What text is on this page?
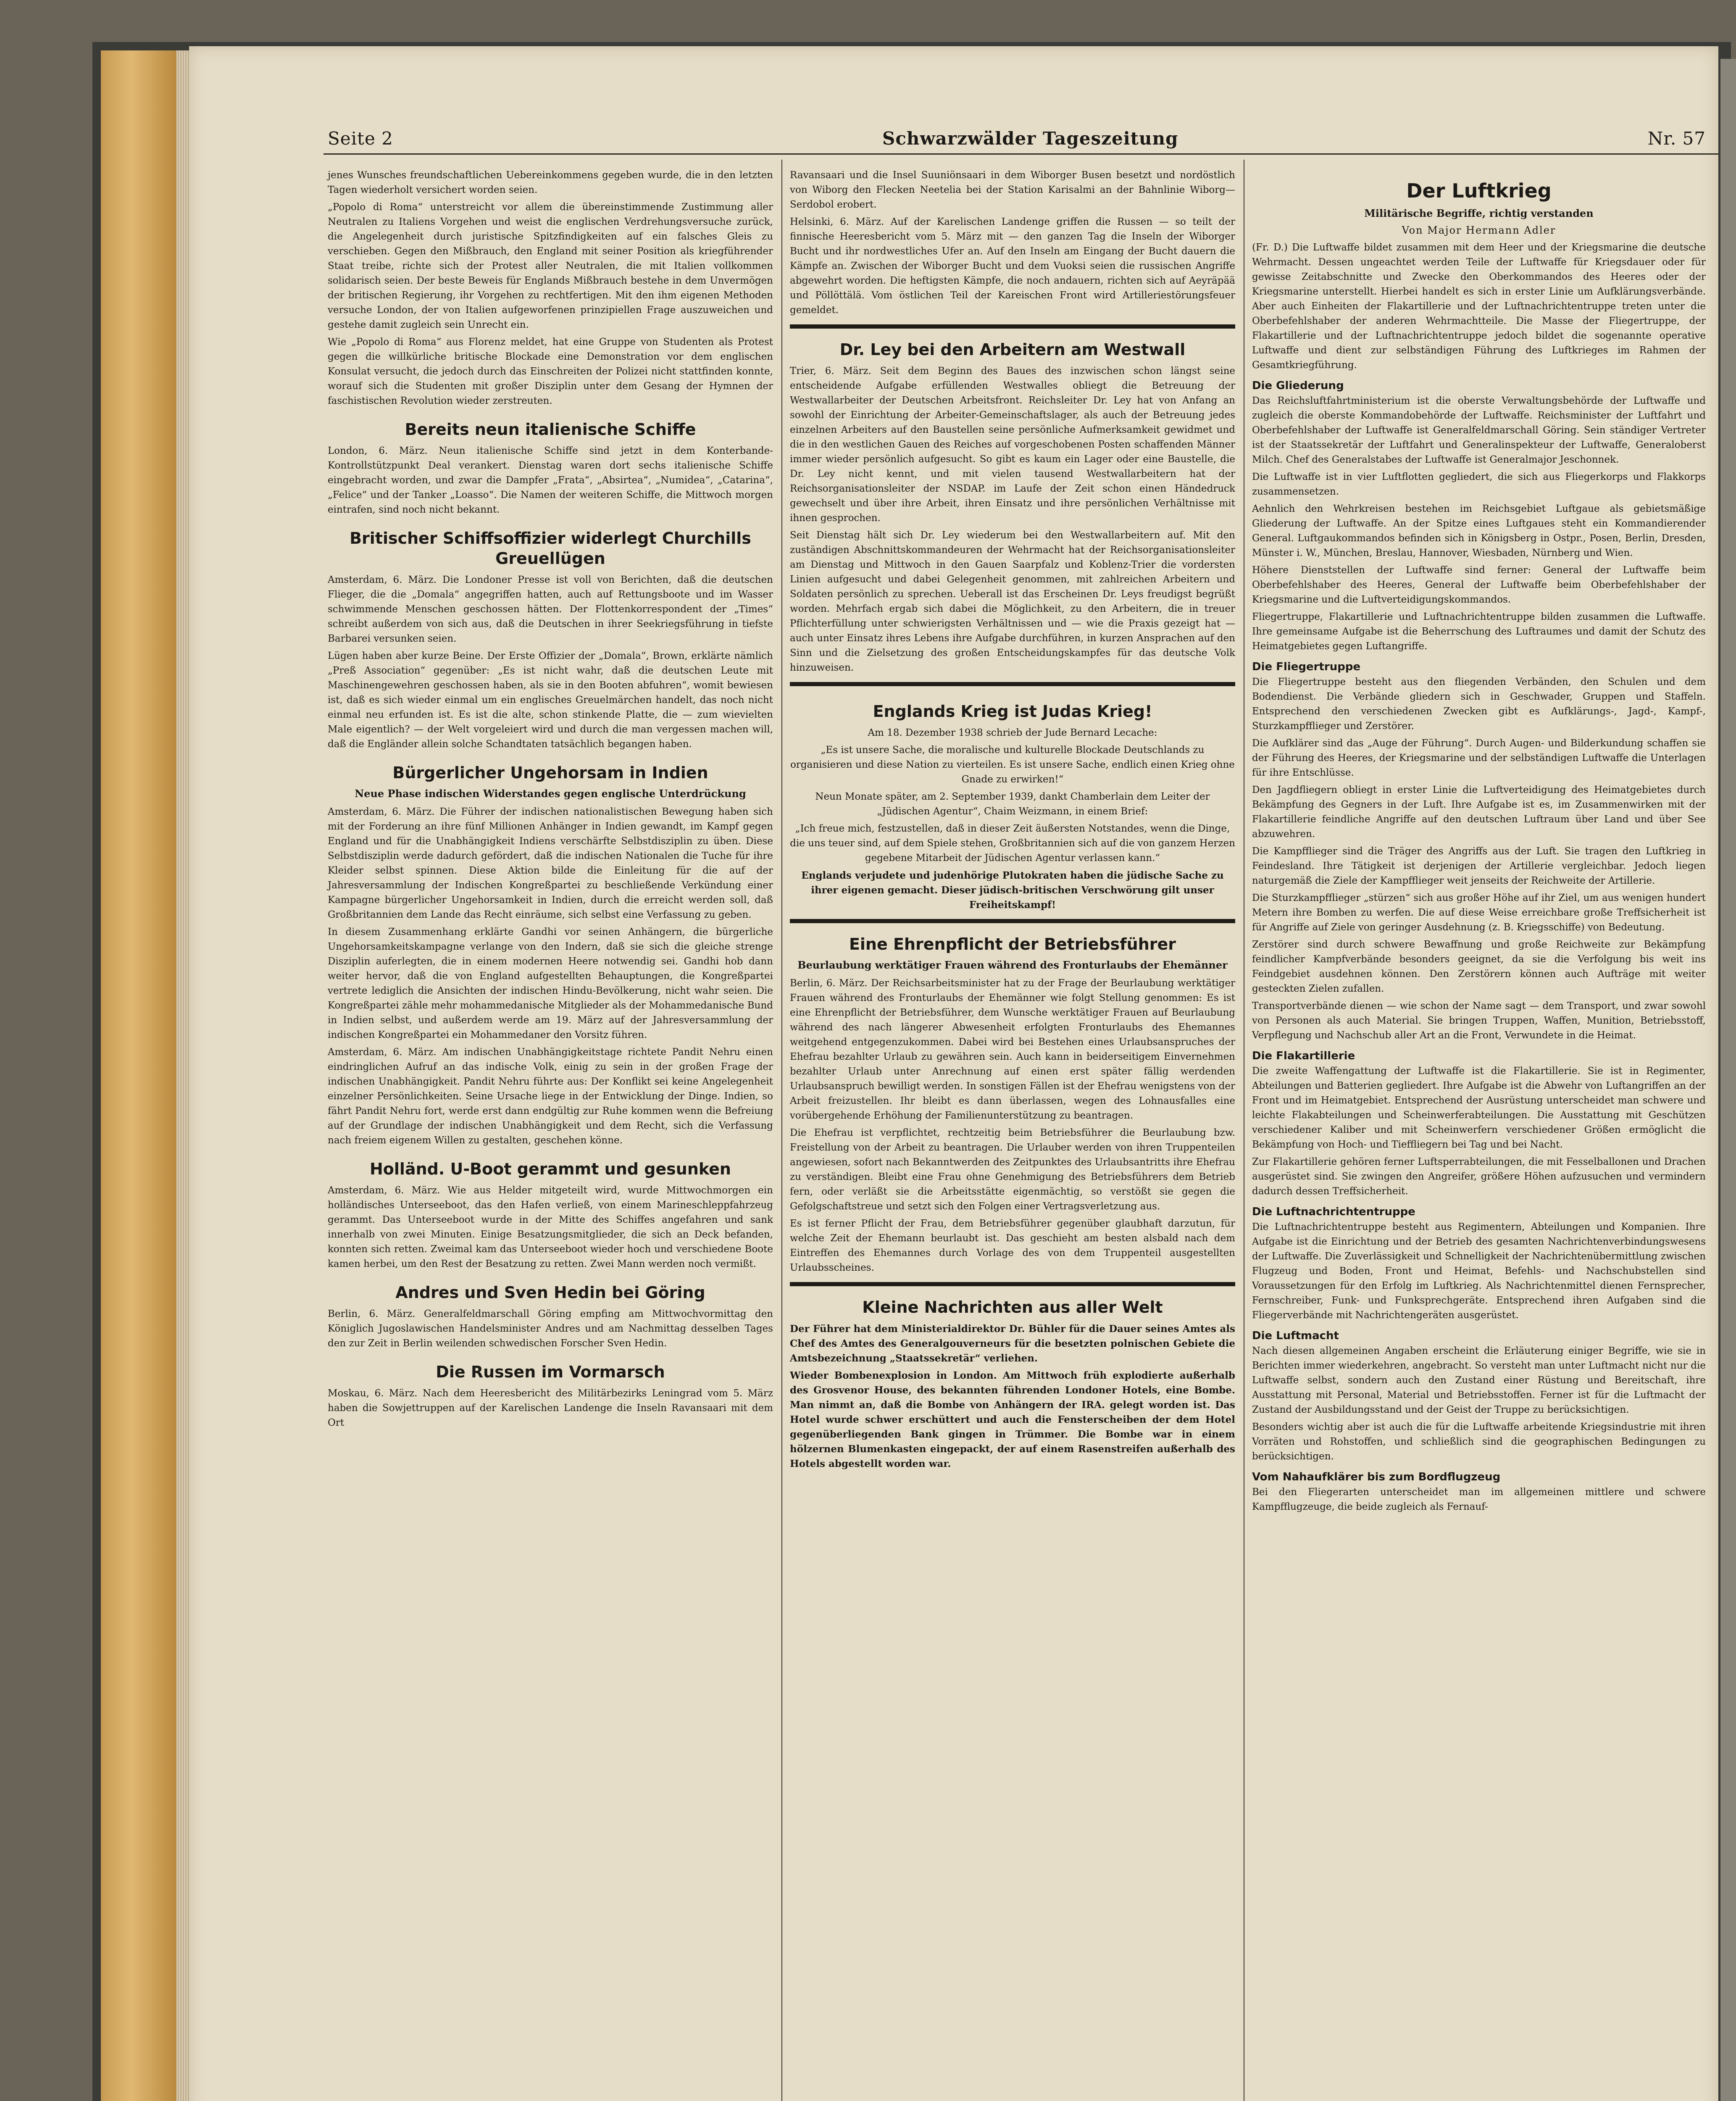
Seite 2	Schwarzwälder Tageszeitung	Nr. 57
jenes Wunsches freundschaftlichen Uebereinkommens gegeben wurde, die in den letzten Tagen wiederholt versichert worden seien.
„Popolo di Roma“ unterstreicht vor allem die übereinstimmende Zustimmung aller Neutralen zu Italiens Vorgehen und weist die englischen Verdrehungsversuche zurück, die Angelegenheit durch juristische Spitzfindigkeiten auf ein falsches Gleis zu verschieben. Gegen den Mißbrauch, den England mit seiner Position als kriegführender Staat treibe, richte sich der Protest aller Neutralen, die mit Italien vollkommen solidarisch seien. Der beste Beweis für Englands Mißbrauch bestehe in dem Unvermögen der britischen Regierung, ihr Vorgehen zu rechtfertigen. Mit den ihm eigenen Methoden versuche London, der von Italien aufgeworfenen prinzipiellen Frage auszuweichen und gestehe damit zugleich sein Unrecht ein.
Wie „Popolo di Roma“ aus Florenz meldet, hat eine Gruppe von Studenten als Protest gegen die willkürliche britische Blockade eine Demonstration vor dem englischen Konsulat versucht, die jedoch durch das Einschreiten der Polizei nicht stattfinden konnte, worauf sich die Studenten mit großer Disziplin unter dem Gesang der Hymnen der faschistischen Revolution wieder zerstreuten.
Bereits neun italienische Schiffe
London, 6. März. Neun italienische Schiffe sind jetzt in dem Konterbande-Kontrollstützpunkt Deal verankert. Dienstag waren dort sechs italienische Schiffe eingebracht worden, und zwar die Dampfer „Frata“, „Absirtea“, „Numidea“, „Catarina“, „Felice“ und der Tanker „Loasso“. Die Namen der weiteren Schiffe, die Mittwoch morgen eintrafen, sind noch nicht bekannt.
Britischer Schiffsoffizier widerlegt Churchills Greuellügen
Amsterdam, 6. März. Die Londoner Presse ist voll von Berichten, daß die deutschen Flieger, die die „Domala“ angegriffen hatten, auch auf Rettungsboote und im Wasser schwimmende Menschen geschossen hätten. Der Flottenkorrespondent der „Times“ schreibt außerdem von sich aus, daß die Deutschen in ihrer Seekriegsführung in tiefste Barbarei versunken seien.
Lügen haben aber kurze Beine. Der Erste Offizier der „Domala“, Brown, erklärte nämlich „Preß Association“ gegenüber: „Es ist nicht wahr, daß die deutschen Leute mit Maschinengewehren geschossen haben, als sie in den Booten abfuhren“, womit bewiesen ist, daß es sich wieder einmal um ein englisches Greuelmärchen handelt, das noch nicht einmal neu erfunden ist. Es ist die alte, schon stinkende Platte, die — zum wievielten Male eigentlich? — der Welt vorgeleiert wird und durch die man vergessen machen will, daß die Engländer allein solche Schandtaten tatsächlich begangen haben.
Bürgerlicher Ungehorsam in Indien
Neue Phase indischen Widerstandes gegen englische Unterdrückung
Amsterdam, 6. März. Die Führer der indischen nationalistischen Bewegung haben sich mit der Forderung an ihre fünf Millionen Anhänger in Indien gewandt, im Kampf gegen England und für die Unabhängigkeit Indiens verschärfte Selbstdisziplin zu üben. Diese Selbstdisziplin werde dadurch gefördert, daß die indischen Nationalen die Tuche für ihre Kleider selbst spinnen. Diese Aktion bilde die Einleitung für die auf der Jahresversammlung der Indischen Kongreßpartei zu beschließende Verkündung einer Kampagne bürgerlicher Ungehorsamkeit in Indien, durch die erreicht werden soll, daß Großbritannien dem Lande das Recht einräume, sich selbst eine Verfassung zu geben.
In diesem Zusammenhang erklärte Gandhi vor seinen Anhängern, die bürgerliche Ungehorsamkeitskampagne verlange von den Indern, daß sie sich die gleiche strenge Disziplin auferlegten, die in einem modernen Heere notwendig sei. Gandhi hob dann weiter hervor, daß die von England aufgestellten Behauptungen, die Kongreßpartei vertrete lediglich die Ansichten der indischen Hindu-Bevölkerung, nicht wahr seien. Die Kongreßpartei zähle mehr mohammedanische Mitglieder als der Mohammedanische Bund in Indien selbst, und außerdem werde am 19. März auf der Jahresversammlung der indischen Kongreßpartei ein Mohammedaner den Vorsitz führen.
Amsterdam, 6. März. Am indischen Unabhängigkeitstage richtete Pandit Nehru einen eindringlichen Aufruf an das indische Volk, einig zu sein in der großen Frage der indischen Unabhängigkeit. Pandit Nehru führte aus: Der Konflikt sei keine Angelegenheit einzelner Persönlichkeiten. Seine Ursache liege in der Entwicklung der Dinge. Indien, so fährt Pandit Nehru fort, werde erst dann endgültig zur Ruhe kommen wenn die Befreiung auf der Grundlage der indischen Unabhängigkeit und dem Recht, sich die Verfassung nach freiem eigenem Willen zu gestalten, geschehen könne.
Holländ. U-Boot gerammt und gesunken
Amsterdam, 6. März. Wie aus Helder mitgeteilt wird, wurde Mittwochmorgen ein holländisches Unterseeboot, das den Hafen verließ, von einem Marineschleppfahrzeug gerammt. Das Unterseeboot wurde in der Mitte des Schiffes angefahren und sank innerhalb von zwei Minuten. Einige Besatzungsmitglieder, die sich an Deck befanden, konnten sich retten. Zweimal kam das Unterseeboot wieder hoch und verschiedene Boote kamen herbei, um den Rest der Besatzung zu retten. Zwei Mann werden noch vermißt.
Andres und Sven Hedin bei Göring
Berlin, 6. März. Generalfeldmarschall Göring empfing am Mittwochvormittag den Königlich Jugoslawischen Handelsminister Andres und am Nachmittag desselben Tages den zur Zeit in Berlin weilenden schwedischen Forscher Sven Hedin.
Die Russen im Vormarsch
Moskau, 6. März. Nach dem Heeresbericht des Militärbezirks Leningrad vom 5. März haben die Sowjettruppen auf der Karelischen Landenge die Inseln Ravansaari mit dem Ort
Ravansaari und die Insel Suuniönsaari in dem Wiborger Busen besetzt und nordöstlich von Wiborg den Flecken Neetelia bei der Station Karisalmi an der Bahnlinie Wiborg—Serdobol erobert.
Helsinki, 6. März. Auf der Karelischen Landenge griffen die Russen — so teilt der finnische Heeresbericht vom 5. März mit — den ganzen Tag die Inseln der Wiborger Bucht und ihr nordwestliches Ufer an. Auf den Inseln am Eingang der Bucht dauern die Kämpfe an. Zwischen der Wiborger Bucht und dem Vuoksi seien die russischen Angriffe abgewehrt worden. Die heftigsten Kämpfe, die noch andauern, richten sich auf Aeyräpää und Pöllöttälä. Vom östlichen Teil der Kareischen Front wird Artilleriestörungsfeuer gemeldet.
Dr. Ley bei den Arbeitern am Westwall
Trier, 6. März. Seit dem Beginn des Baues des inzwischen schon längst seine entscheidende Aufgabe erfüllenden Westwalles obliegt die Betreuung der Westwallarbeiter der Deutschen Arbeitsfront. Reichsleiter Dr. Ley hat von Anfang an sowohl der Einrichtung der Arbeiter-Gemeinschaftslager, als auch der Betreuung jedes einzelnen Arbeiters auf den Baustellen seine persönliche Aufmerksamkeit gewidmet und die in den westlichen Gauen des Reiches auf vorgeschobenen Posten schaffenden Männer immer wieder persönlich aufgesucht. So gibt es kaum ein Lager oder eine Baustelle, die Dr. Ley nicht kennt, und mit vielen tausend Westwallarbeitern hat der Reichsorganisationsleiter der NSDAP. im Laufe der Zeit schon einen Händedruck gewechselt und über ihre Arbeit, ihren Einsatz und ihre persönlichen Verhältnisse mit ihnen gesprochen.
Seit Dienstag hält sich Dr. Ley wiederum bei den Westwallarbeitern auf. Mit den zuständigen Abschnittskommandeuren der Wehrmacht hat der Reichsorganisationsleiter am Dienstag und Mittwoch in den Gauen Saarpfalz und Koblenz-Trier die vordersten Linien aufgesucht und dabei Gelegenheit genommen, mit zahlreichen Arbeitern und Soldaten persönlich zu sprechen. Ueberall ist das Erscheinen Dr. Leys freudigst begrüßt worden. Mehrfach ergab sich dabei die Möglichkeit, zu den Arbeitern, die in treuer Pflichterfüllung unter schwierigsten Verhältnissen und — wie die Praxis gezeigt hat — auch unter Einsatz ihres Lebens ihre Aufgabe durchführen, in kurzen Ansprachen auf den Sinn und die Zielsetzung des großen Entscheidungskampfes für das deutsche Volk hinzuweisen.
Englands Krieg ist Judas Krieg!
Am 18. Dezember 1938 schrieb der Jude Bernard Lecache:
„Es ist unsere Sache, die moralische und kulturelle Blockade Deutschlands zu organisieren und diese Nation zu vierteilen. Es ist unsere Sache, endlich einen Krieg ohne Gnade zu erwirken!“
Neun Monate später, am 2. September 1939, dankt Chamberlain dem Leiter der „Jüdischen Agentur“, Chaim Weizmann, in einem Brief:
„Ich freue mich, festzustellen, daß in dieser Zeit äußersten Notstandes, wenn die Dinge, die uns teuer sind, auf dem Spiele stehen, Großbritannien sich auf die von ganzem Herzen gegebene Mitarbeit der Jüdischen Agentur verlassen kann.“
Englands verjudete und judenhörige Plutokraten haben die jüdische Sache zu ihrer eigenen gemacht. Dieser jüdisch-britischen Verschwörung gilt unser Freiheitskampf!
Eine Ehrenpflicht der Betriebsführer
Beurlaubung werktätiger Frauen während des Fronturlaubs der Ehemänner
Berlin, 6. März. Der Reichsarbeitsminister hat zu der Frage der Beurlaubung werktätiger Frauen während des Fronturlaubs der Ehemänner wie folgt Stellung genommen: Es ist eine Ehrenpflicht der Betriebsführer, dem Wunsche werktätiger Frauen auf Beurlaubung während des nach längerer Abwesenheit erfolgten Fronturlaubs des Ehemannes weitgehend entgegenzukommen. Dabei wird bei Bestehen eines Urlaubsanspruches der Ehefrau bezahlter Urlaub zu gewähren sein. Auch kann in beiderseitigem Einvernehmen bezahlter Urlaub unter Anrechnung auf einen erst später fällig werdenden Urlaubsanspruch bewilligt werden. In sonstigen Fällen ist der Ehefrau wenigstens von der Arbeit freizustellen. Ihr bleibt es dann überlassen, wegen des Lohnausfalles eine vorübergehende Erhöhung der Familienunterstützung zu beantragen.
Die Ehefrau ist verpflichtet, rechtzeitig beim Betriebsführer die Beurlaubung bzw. Freistellung von der Arbeit zu beantragen. Die Urlauber werden von ihren Truppenteilen angewiesen, sofort nach Bekanntwerden des Zeitpunktes des Urlaubsantritts ihre Ehefrau zu verständigen. Bleibt eine Frau ohne Genehmigung des Betriebsführers dem Betrieb fern, oder verläßt sie die Arbeitsstätte eigenmächtig, so verstößt sie gegen die Gefolgschaftstreue und setzt sich den Folgen einer Vertragsverletzung aus.
Es ist ferner Pflicht der Frau, dem Betriebsführer gegenüber glaubhaft darzutun, für welche Zeit der Ehemann beurlaubt ist. Das geschieht am besten alsbald nach dem Eintreffen des Ehemannes durch Vorlage des von dem Truppenteil ausgestellten Urlaubsscheines.
Kleine Nachrichten aus aller Welt
Der Führer hat dem Ministerialdirektor Dr. Bühler für die Dauer seines Amtes als Chef des Amtes des Generalgouverneurs für die besetzten polnischen Gebiete die Amtsbezeichnung „Staatssekretär“ verliehen.
Wieder Bombenexplosion in London. Am Mittwoch früh explodierte außerhalb des Grosvenor House, des bekannten führenden Londoner Hotels, eine Bombe. Man nimmt an, daß die Bombe von Anhängern der IRA. gelegt worden ist. Das Hotel wurde schwer erschüttert und auch die Fensterscheiben der dem Hotel gegenüberliegenden Bank gingen in Trümmer. Die Bombe war in einem hölzernen Blumenkasten eingepackt, der auf einem Rasenstreifen außerhalb des Hotels abgestellt worden war.
Der Luftkrieg
Militärische Begriffe, richtig verstanden
Von Major Hermann Adler
(Fr. D.) Die Luftwaffe bildet zusammen mit dem Heer und der Kriegsmarine die deutsche Wehrmacht. Dessen ungeachtet werden Teile der Luftwaffe für Kriegsdauer oder für gewisse Zeitabschnitte und Zwecke den Oberkommandos des Heeres oder der Kriegsmarine unterstellt. Hierbei handelt es sich in erster Linie um Aufklärungsverbände. Aber auch Einheiten der Flakartillerie und der Luftnachrichtentruppe treten unter die Oberbefehlshaber der anderen Wehrmachtteile. Die Masse der Fliegertruppe, der Flakartillerie und der Luftnachrichtentruppe jedoch bildet die sogenannte operative Luftwaffe und dient zur selbständigen Führung des Luftkrieges im Rahmen der Gesamtkriegführung.
Die Gliederung
Das Reichsluftfahrtministerium ist die oberste Verwaltungsbehörde der Luftwaffe und zugleich die oberste Kommandobehörde der Luftwaffe. Reichsminister der Luftfahrt und Oberbefehlshaber der Luftwaffe ist Generalfeldmarschall Göring. Sein ständiger Vertreter ist der Staatssekretär der Luftfahrt und Generalinspekteur der Luftwaffe, Generaloberst Milch. Chef des Generalstabes der Luftwaffe ist Generalmajor Jeschonnek.
Die Luftwaffe ist in vier Luftflotten gegliedert, die sich aus Fliegerkorps und Flakkorps zusammensetzen.
Aehnlich den Wehrkreisen bestehen im Reichsgebiet Luftgaue als gebietsmäßige Gliederung der Luftwaffe. An der Spitze eines Luftgaues steht ein Kommandierender General. Luftgaukommandos befinden sich in Königsberg in Ostpr., Posen, Berlin, Dresden, Münster i. W., München, Breslau, Hannover, Wiesbaden, Nürnberg und Wien.
Höhere Dienststellen der Luftwaffe sind ferner: General der Luftwaffe beim Oberbefehlshaber des Heeres, General der Luftwaffe beim Oberbefehlshaber der Kriegsmarine und die Luftverteidigungskommandos.
Fliegertruppe, Flakartillerie und Luftnachrichtentruppe bilden zusammen die Luftwaffe. Ihre gemeinsame Aufgabe ist die Beherrschung des Luftraumes und damit der Schutz des Heimatgebietes gegen Luftangriffe.
Die Fliegertruppe
Die Fliegertruppe besteht aus den fliegenden Verbänden, den Schulen und dem Bodendienst. Die Verbände gliedern sich in Geschwader, Gruppen und Staffeln. Entsprechend den verschiedenen Zwecken gibt es Aufklärungs-, Jagd-, Kampf-, Sturzkampfflieger und Zerstörer.
Die Aufklärer sind das „Auge der Führung“. Durch Augen- und Bilderkundung schaffen sie der Führung des Heeres, der Kriegsmarine und der selbständigen Luftwaffe die Unterlagen für ihre Entschlüsse.
Den Jagdfliegern obliegt in erster Linie die Luftverteidigung des Heimatgebietes durch Bekämpfung des Gegners in der Luft. Ihre Aufgabe ist es, im Zusammenwirken mit der Flakartillerie feindliche Angriffe auf den deutschen Luftraum über Land und über See abzuwehren.
Die Kampfflieger sind die Träger des Angriffs aus der Luft. Sie tragen den Luftkrieg in Feindesland. Ihre Tätigkeit ist derjenigen der Artillerie vergleichbar. Jedoch liegen naturgemäß die Ziele der Kampfflieger weit jenseits der Reichweite der Artillerie.
Die Sturzkampfflieger „stürzen“ sich aus großer Höhe auf ihr Ziel, um aus wenigen hundert Metern ihre Bomben zu werfen. Die auf diese Weise erreichbare große Treffsicherheit ist für Angriffe auf Ziele von geringer Ausdehnung (z. B. Kriegsschiffe) von Bedeutung.
Zerstörer sind durch schwere Bewaffnung und große Reichweite zur Bekämpfung feindlicher Kampfverbände besonders geeignet, da sie die Verfolgung bis weit ins Feindgebiet ausdehnen können. Den Zerstörern können auch Aufträge mit weiter gesteckten Zielen zufallen.
Transportverbände dienen — wie schon der Name sagt — dem Transport, und zwar sowohl von Personen als auch Material. Sie bringen Truppen, Waffen, Munition, Betriebsstoff, Verpflegung und Nachschub aller Art an die Front, Verwundete in die Heimat.
Die Flakartillerie
Die zweite Waffengattung der Luftwaffe ist die Flakartillerie. Sie ist in Regimenter, Abteilungen und Batterien gegliedert. Ihre Aufgabe ist die Abwehr von Luftangriffen an der Front und im Heimatgebiet. Entsprechend der Ausrüstung unterscheidet man schwere und leichte Flakabteilungen und Scheinwerferabteilungen. Die Ausstattung mit Geschützen verschiedener Kaliber und mit Scheinwerfern verschiedener Größen ermöglicht die Bekämpfung von Hoch- und Tieffliegern bei Tag und bei Nacht.
Zur Flakartillerie gehören ferner Luftsperrabteilungen, die mit Fesselballonen und Drachen ausgerüstet sind. Sie zwingen den Angreifer, größere Höhen aufzusuchen und vermindern dadurch dessen Treffsicherheit.
Die Luftnachrichtentruppe
Die Luftnachrichtentruppe besteht aus Regimentern, Abteilungen und Kompanien. Ihre Aufgabe ist die Einrichtung und der Betrieb des gesamten Nachrichtenverbindungswesens der Luftwaffe. Die Zuverlässigkeit und Schnelligkeit der Nachrichtenübermittlung zwischen Flugzeug und Boden, Front und Heimat, Befehls- und Nachschubstellen sind Voraussetzungen für den Erfolg im Luftkrieg. Als Nachrichtenmittel dienen Fernsprecher, Fernschreiber, Funk- und Funksprechgeräte. Entsprechend ihren Aufgaben sind die Fliegerverbände mit Nachrichtengeräten ausgerüstet.
Die Luftmacht
Nach diesen allgemeinen Angaben erscheint die Erläuterung einiger Begriffe, wie sie in Berichten immer wiederkehren, angebracht. So versteht man unter Luftmacht nicht nur die Luftwaffe selbst, sondern auch den Zustand einer Rüstung und Bereitschaft, ihre Ausstattung mit Personal, Material und Betriebsstoffen. Ferner ist für die Luftmacht der Zustand der Ausbildungsstand und der Geist der Truppe zu berücksichtigen.
Besonders wichtig aber ist auch die für die Luftwaffe arbeitende Kriegsindustrie mit ihren Vorräten und Rohstoffen, und schließlich sind die geographischen Bedingungen zu berücksichtigen.
Vom Nahaufklärer bis zum Bordflugzeug
Bei den Fliegerarten unterscheidet man im allgemeinen mittlere und schwere Kampfflugzeuge, die beide zugleich als Fernauf-
